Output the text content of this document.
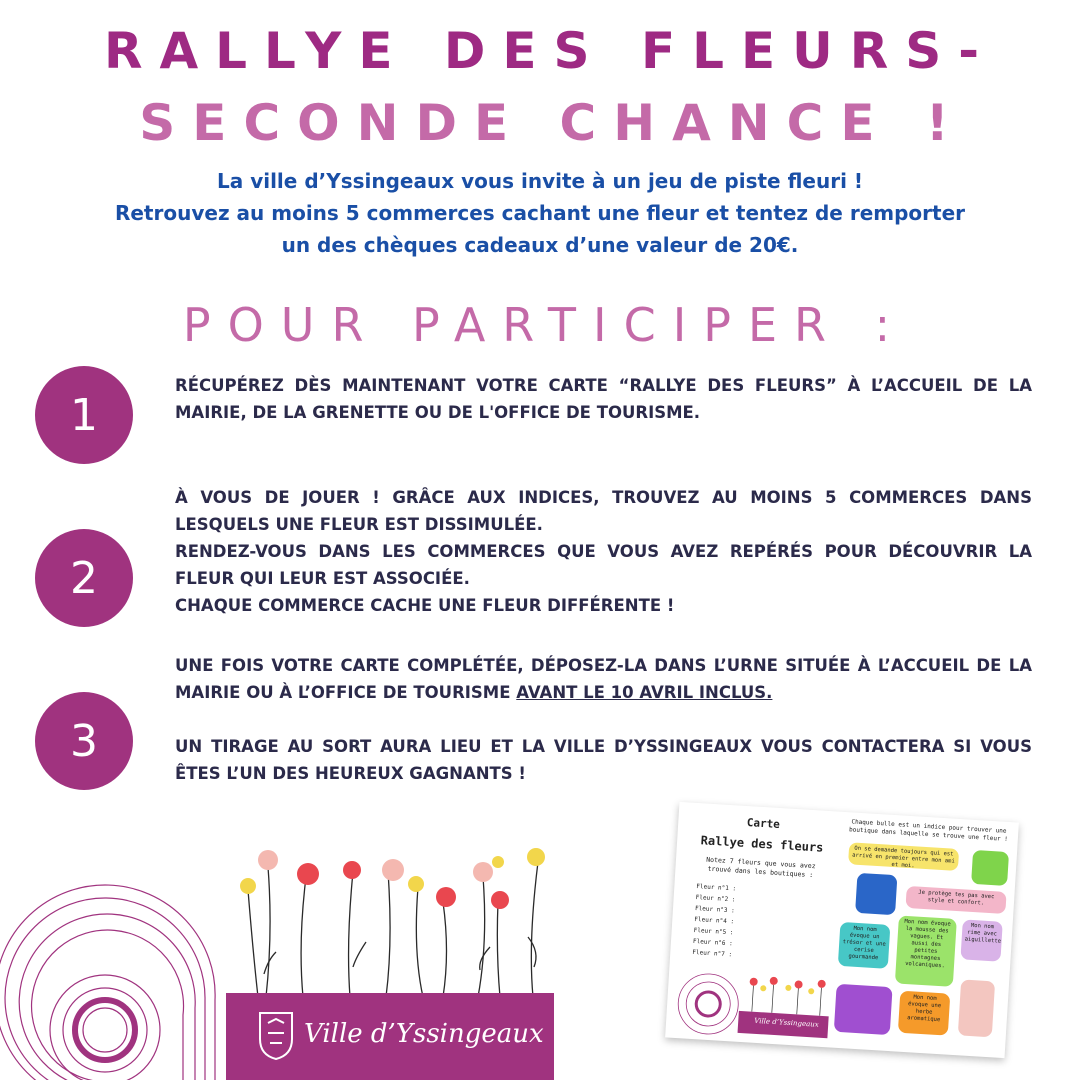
RALLYE DES FLEURS-
SECONDE CHANCE !
La ville d’Yssingeaux vous invite à un jeu de piste fleuri !
Retrouvez au moins 5 commerces cachant une fleur et tentez de remporter
un des chèques cadeaux d’une valeur de 20€.
POUR PARTICIPER :
1
2
3
RÉCUPÉREZ DÈS MAINTENANT VOTRE CARTE “RALLYE DES FLEURS” À L’ACCUEIL DE LA MAIRIE, DE LA GRENETTE OU DE L'OFFICE DE TOURISME.
À VOUS DE JOUER ! GRÂCE AUX INDICES, TROUVEZ AU MOINS 5 COMMERCES DANS LESQUELS UNE FLEUR EST DISSIMULÉE.
RENDEZ-VOUS DANS LES COMMERCES QUE VOUS AVEZ REPÉRÉS POUR DÉCOUVRIR LA FLEUR QUI LEUR EST ASSOCIÉE.
CHAQUE COMMERCE CACHE UNE FLEUR DIFFÉRENTE !
UNE FOIS VOTRE CARTE COMPLÉTÉE, DÉPOSEZ-LA DANS L’URNE SITUÉE À L’ACCUEIL DE LA MAIRIE OU À L’OFFICE DE TOURISME AVANT LE 10 AVRIL INCLUS.
UN TIRAGE AU SORT AURA LIEU ET LA VILLE D’YSSINGEAUX VOUS CONTACTERA SI VOUS ÊTES L’UN DES HEUREUX GAGNANTS !
Ville d’Yssingeaux
Carte
Rallye des fleurs
Notez 7 fleurs que vous avez trouvé dans les boutiques :
Fleur n°1 :
Fleur n°2 :
Fleur n°3 :
Fleur n°4 :
Fleur n°5 :
Fleur n°6 :
Fleur n°7 :
Chaque bulle est un indice pour trouver une boutique dans laquelle se trouve une fleur !
On se demande toujours qui est arrivé en premier entre mon ami et moi.
Je protège tes pas avec style et confort.
Mon nom évoque un trésor et une cerise gourmande
Mon nom évoque la mousse des vagues. Et aussi des petites montagnes volcaniques.
Mon nom rime avec aiguillette
Mon nom évoque une herbe aromatique
Ville d’Yssingeaux
